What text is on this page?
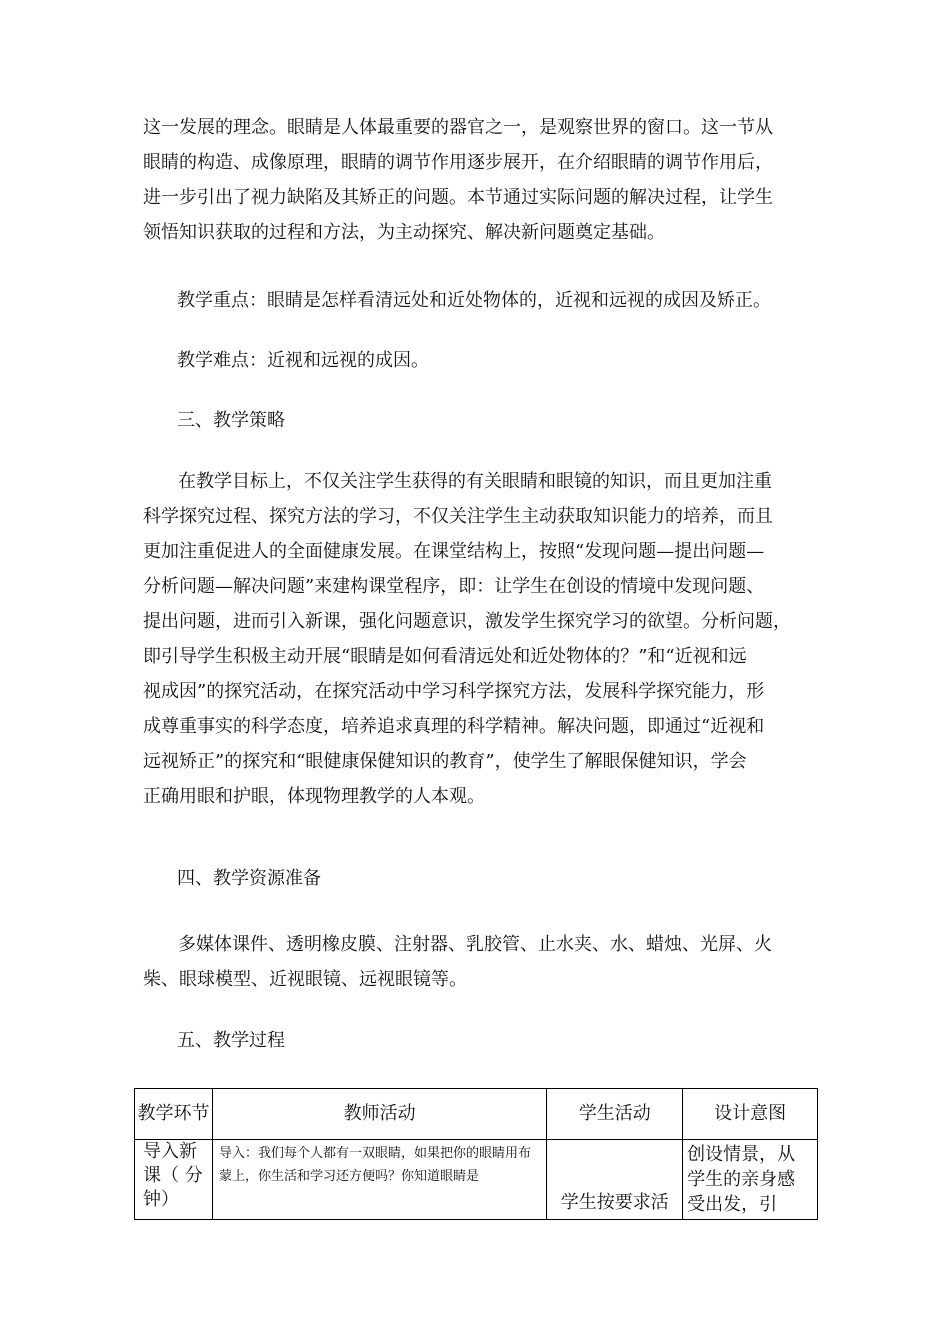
这一发展的理念。眼睛是人体最重要的器官之一，是观察世界的窗口。这一节从
眼睛的构造、成像原理，眼睛的调节作用逐步展开，在介绍眼睛的调节作用后，
进一步引出了视力缺陷及其矫正的问题。本节通过实际问题的解决过程，让学生
领悟知识获取的过程和方法，为主动探究、解决新问题奠定基础。

教学重点：眼睛是怎样看清远处和近处物体的，近视和远视的成因及矫正。

教学难点：近视和远视的成因。

三、教学策略

在教学目标上，不仅关注学生获得的有关眼睛和眼镜的知识，而且更加注重
科学探究过程、探究方法的学习，不仅关注学生主动获取知识能力的培养，而且
更加注重促进人的全面健康发展。在课堂结构上，按照“发现问题—提出问题—
分析问题—解决问题”来建构课堂程序，即：让学生在创设的情境中发现问题、
提出问题，进而引入新课，强化问题意识，激发学生探究学习的欲望。分析问题，
即引导学生积极主动开展“眼睛是如何看清远处和近处物体的？”和“近视和远
视成因”的探究活动，在探究活动中学习科学探究方法，发展科学探究能力，形
成尊重事实的科学态度，培养追求真理的科学精神。解决问题，即通过“近视和
远视矫正”的探究和“眼健康保健知识的教育”，使学生了解眼保健知识，学会
正确用眼和护眼，体现物理教学的人本观。

四、教学资源准备

多媒体课件、透明橡皮膜、注射器、乳胶管、止水夹、水、蜡烛、光屏、火
柴、眼球模型、近视眼镜、远视眼镜等。

五、教学过程

教学环节	教师活动	学生活动	设计意图
导入新课（ 分钟）	导入：我们每个人都有一双眼睛，如果把你的眼睛用布蒙上，你生活和学习还方便吗？你知道眼睛是	学生按要求活	创设情景，从学生的亲身感受出发，引
